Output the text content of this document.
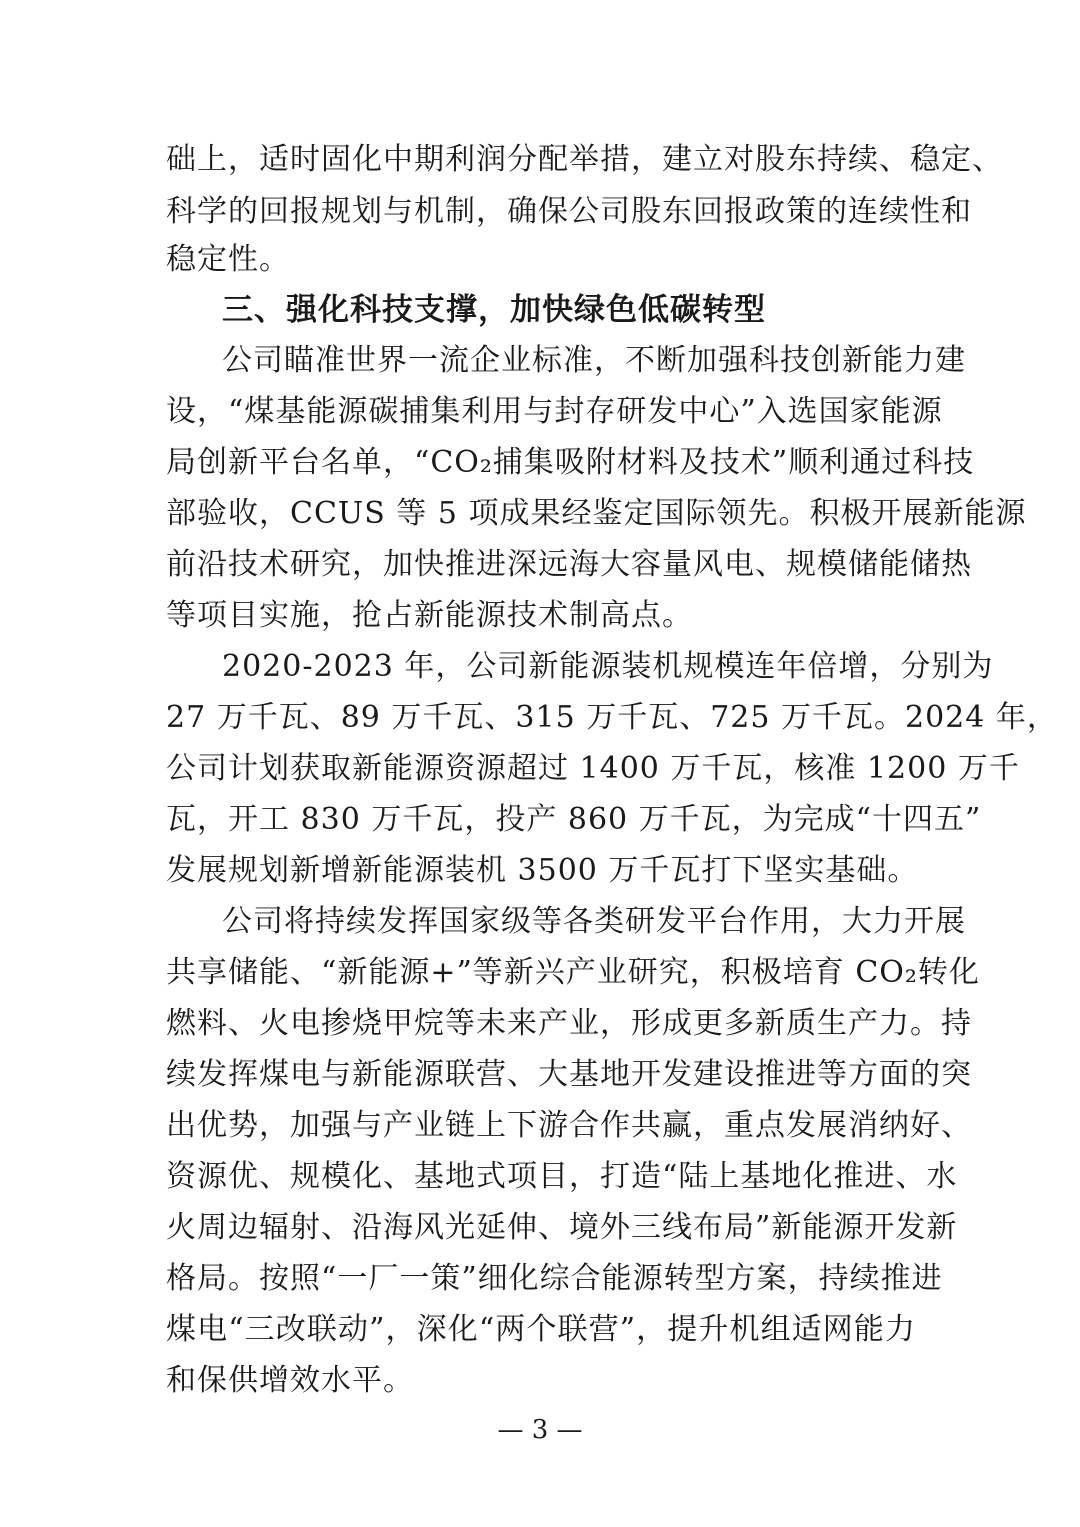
础上，适时固化中期利润分配举措，建立对股东持续、稳定、
科学的回报规划与机制，确保公司股东回报政策的连续性和
稳定性。
三、强化科技支撑，加快绿色低碳转型
公司瞄准世界一流企业标准，不断加强科技创新能力建
设，“煤基能源碳捕集利用与封存研发中心”入选国家能源
局创新平台名单，“CO₂捕集吸附材料及技术”顺利通过科技
部验收，CCUS 等 5 项成果经鉴定国际领先。积极开展新能源
前沿技术研究，加快推进深远海大容量风电、规模储能储热
等项目实施，抢占新能源技术制高点。
2020-2023 年，公司新能源装机规模连年倍增，分别为
27 万千瓦、89 万千瓦、315 万千瓦、725 万千瓦。2024 年，
公司计划获取新能源资源超过 1400 万千瓦，核准 1200 万千
瓦，开工 830 万千瓦，投产 860 万千瓦，为完成“十四五”
发展规划新增新能源装机 3500 万千瓦打下坚实基础。
公司将持续发挥国家级等各类研发平台作用，大力开展
共享储能、“新能源+”等新兴产业研究，积极培育 CO₂转化
燃料、火电掺烧甲烷等未来产业，形成更多新质生产力。持
续发挥煤电与新能源联营、大基地开发建设推进等方面的突
出优势，加强与产业链上下游合作共赢，重点发展消纳好、
资源优、规模化、基地式项目，打造“陆上基地化推进、水
火周边辐射、沿海风光延伸、境外三线布局”新能源开发新
格局。按照“一厂一策”细化综合能源转型方案，持续推进
煤电“三改联动”，深化“两个联营”，提升机组适网能力
和保供增效水平。
— 3 —
